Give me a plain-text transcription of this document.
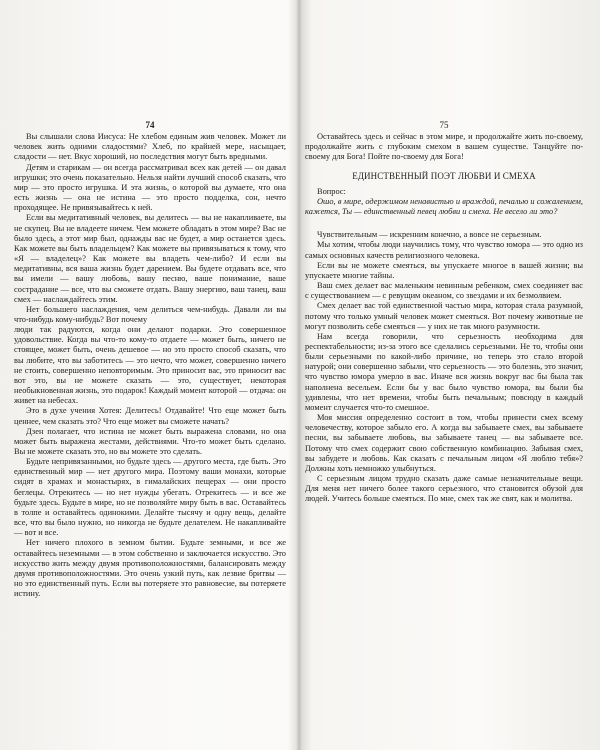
74

Вы слышали слова Иисуса: Не хлебом единым жив человек. Может ли человек жить одними сладостями? Хлеб, по крайней мере, насыщает, сладости — нет. Вкус хороший, но последствия могут быть вредными.

Детям и старикам — он всегда рассматривал всех как детей — он давал игрушки; это очень показательно. Нельзя найти лучший способ сказать, что мир — это просто игрушка. И эта жизнь, о которой вы думаете, что она есть жизнь — она не истина — это просто подделка, сон, нечто проходящее. Не привязывайтесь к ней.

Если вы медитативный человек, вы делитесь — вы не накапливаете, вы не скупец. Вы не владеете ничем. Чем можете обладать в этом мире? Вас не было здесь, а этот мир был, однажды вас не будет, а мир останется здесь. Как можете вы быть владельцем? Как можете вы привязываться к тому, что «Я — владелец»? Как можете вы владеть чем-либо? И если вы медитативны, вся ваша жизнь будет дарением. Вы будете отдавать все, что вы имели — вашу любовь, вашу песню, ваше понимание, ваше сострадание — все, что вы сможете отдать. Вашу энергию, ваш танец, ваш смех — наслаждайтесь этим.

Нет большего наслаждения, чем делиться чем-нибудь. Давали ли вы что-нибудь кому-нибудь? Вот почему

люди так радуются, когда они делают подарки. Это совершенное удовольствие. Когда вы что-то кому-то отдаете — может быть, ничего не стоящее, может быть, очень дешевое — но это просто способ сказать, что вы любите, что вы заботитесь — это нечто, что может, совершенно ничего не стоить, совершенно неповторимым. Это приносит вас, это приносит вас вот это, вы не можете сказать — это, существует, некоторая необыкновенная жизнь, это подарок! Каждый момент которой — отдача: он живет на небесах.

Это в духе учения Хотея: Делитесь! Отдавайте! Что еще может быть ценнее, чем сказать это? Что еще может вы сможете начать?

Дзен полагает, что истина не может быть выражена словами, но она может быть выражена жестами, действиями. Что-то может быть сделано. Вы не можете сказать это, но вы можете это сделать.

Будьте непривязанными, но будьте здесь — другого места, где быть. Это единственный мир — нет другого мира. Поэтому ваши монахи, которые сидят в храмах и монастырях, в гималайских пещерах — они просто беглецы. Отрекитесь — но нет нужды убегать. Отрекитесь — и все же будьте здесь. Будьте в мире, но не позволяйте миру быть в вас. Оставайтесь в толпе и оставайтесь одинокими. Делайте тысячу и одну вещь, делайте все, что вы было нужно, но никогда не будьте делателем. Не накапливайте — вот и все.

Нет ничего плохого в земном бытии. Будьте земными, и все же оставайтесь неземными — в этом собственно и заключается искусство. Это искусство жить между двумя противоположностями, балансировать между двумя противоположностями. Это очень узкий путь, как лезвие бритвы — но это единственный путь. Если вы потеряете это равновесие, вы потеряете истину.

75

Оставайтесь здесь и сейчас в этом мире, и продолжайте жить по-своему, продолжайте жить с глубоким смехом в вашем существе. Танцуйте по-своему для Бога! Пойте по-своему для Бога!

ЕДИНСТВЕННЫЙ ПОЭТ ЛЮБВИ И СМЕХА

Вопрос:

Ошо, в мире, одержимом ненавистью и враждой, печалью и сожалением, кажется, Ты — единственный певец любви и смеха. Не весело ли это?

Чувствительным — искренним конечно, а вовсе не серьезным.

Мы хотим, чтобы люди научились тому, что чувство юмора — это одно из самых основных качеств религиозного человека.

Если вы не можете смеяться, вы упускаете многое в вашей жизни; вы упускаете многие тайны.

Ваш смех делает вас маленьким невинным ребенком, смех соединяет вас с существованием — с ревущим океаном, со звездами и их безмолвием.

Смех делает вас той единственной частью мира, которая стала разумной, потому что только умный человек может смеяться. Вот почему животные не могут позволить себе смеяться — у них не так много разумности.

Нам всегда говорили, что серьезность необходима для респектабельности; из-за этого все сделались серьезными. Не то, чтобы они были серьезными по какой-либо причине, но теперь это стало второй натурой; они совершенно забыли, что серьезность — это болезнь, это значит, что чувство юмора умерло в вас. Иначе вся жизнь вокруг вас бы была так наполнена весельем. Если бы у вас было чувство юмора, вы были бы удивлены, что нет времени, чтобы быть печальным; повсюду в каждый момент случается что-то смешное.

Моя миссия определенно состоит в том, чтобы принести смех всему человечеству, которое забыло его. А когда вы забываете смех, вы забываете песни, вы забываете любовь, вы забываете танец — вы забываете все. Потому что смех содержит свою собственную комбинацию. Забывая смех, вы забудете и любовь. Как сказать с печальным лицом «Я люблю тебя»? Должны хоть немножко улыбнуться.

С серьезным лицом трудно сказать даже самые незначительные вещи. Для меня нет ничего более такого серьезного, что становится обузой для людей. Учитесь больше смеяться. По мне, смех так же свят, как и молитва.
